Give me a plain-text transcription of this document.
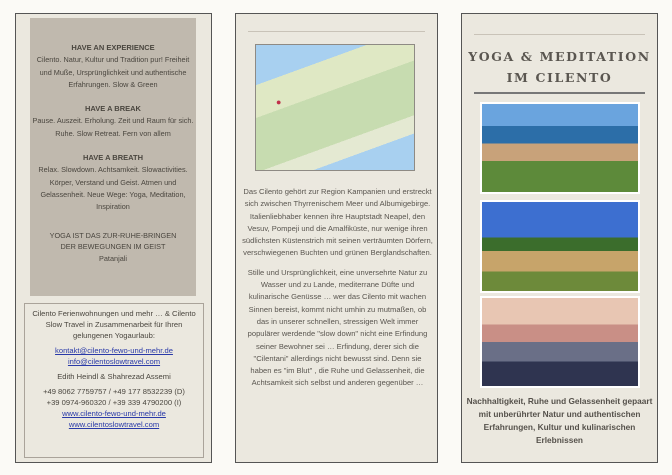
HAVE AN EXPERIENCE
Cilento. Natur, Kultur und Tradition pur! Freiheit und Muße, Ursprünglichkeit und authentische Erfahrungen. Slow & Green
HAVE A BREAK
Pause. Auszeit. Erholung. Zeit und Raum für sich. Ruhe. Slow Retreat. Fern von allem
HAVE A BREATH
Relax. Slowdown. Achtsamkeit. Slowactivities. Körper, Verstand und Geist. Atmen und Gelassenheit. Neue Wege: Yoga, Meditation, Inspiration
YOGA IST DAS ZUR-RUHE-BRINGEN
DER BEWEGUNGEN IM GEIST
Patanjali

Cilento Ferienwohnungen und mehr … & Cilento Slow Travel in Zusammenarbeit für Ihren gelungenen Yogaurlaub:

kontakt@cilento-fewo-und-mehr.de
info@cilentoslowtravel.com

Edith Heindl & Shahrezad Assemi

+49 8062 7759757 / +49 177 8532239 (D)
+39 0974-960320 / +39 339 4790200 (I)
www.cilento-fewo-und-mehr.de
www.cilentoslowtravel.com

●

Das Cilento gehört zur Region Kampanien und erstreckt sich zwischen Thyrrenischem Meer und Albumigebirge. Italienliebhaber kennen ihre Hauptstadt Neapel, den Vesuv, Pompeji und die Amalfiküste, nur wenige ihren südlichsten Küstenstrich mit seinen verträumten Dörfern, verschwiegenen Buchten und grünen Berglandschaften.

Stille und Ursprünglichkeit, eine unversehrte Natur zu Wasser und zu Lande, mediterrane Düfte und kulinarische Genüsse … wer das Cilento mit wachen Sinnen bereist, kommt nicht umhin zu mutmaßen, ob das in unserer schnellen, stressigen Welt immer populärer werdende "slow down" nicht eine Erfindung seiner Bewohner sei … Erfindung, derer sich die "Cilentani" allerdings nicht bewusst sind. Denn sie haben es "im Blut" , die Ruhe und Gelassenheit, die Achtsamkeit sich selbst und anderen gegenüber …

YOGA & MEDITATION
IM CILENTO
Nachhaltigkeit, Ruhe und Gelassenheit gepaart mit unberührter Natur und authentischen Erfahrungen, Kultur und kulinarischen Erlebnissen
